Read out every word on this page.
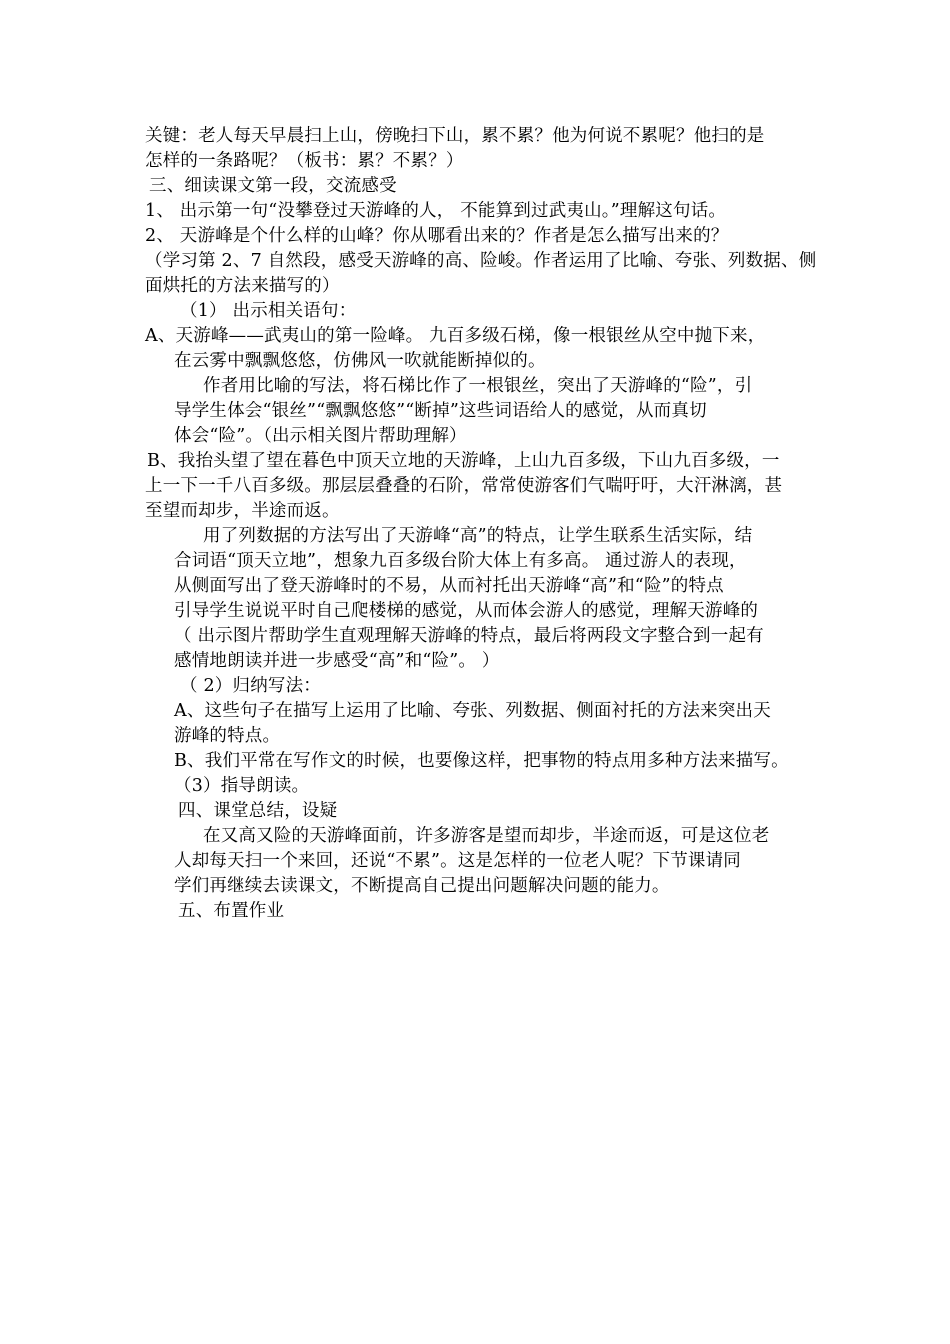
关键：老人每天早晨扫上山，傍晚扫下山，累不累？他为何说不累呢？他扫的是
怎样的一条路呢？（板书：累？不累？）
三、细读课文第一段，交流感受
1、 出示第一句“没攀登过天游峰的人， 不能算到过武夷山。”理解这句话。
2、 天游峰是个什么样的山峰？你从哪看出来的？作者是怎么描写出来的？
（学习第 2、7 自然段，感受天游峰的高、险峻。作者运用了比喻、夸张、列数据、侧
面烘托的方法来描写的）
（1） 出示相关语句：
A、天游峰——武夷山的第一险峰。 九百多级石梯，像一根银丝从空中抛下来，
在云雾中飘飘悠悠，仿佛风一吹就能断掉似的。
作者用比喻的写法，将石梯比作了一根银丝，突出了天游峰的“险”，引
导学生体会“银丝”“飘飘悠悠”“断掉”这些词语给人的感觉，从而真切
体会“险”。（出示相关图片帮助理解）
B、我抬头望了望在暮色中顶天立地的天游峰，上山九百多级，下山九百多级，一
上一下一千八百多级。那层层叠叠的石阶，常常使游客们气喘吁吁，大汗淋漓，甚
至望而却步，半途而返。
用了列数据的方法写出了天游峰“高”的特点，让学生联系生活实际，结
合词语“顶天立地”，想象九百多级台阶大体上有多高。 通过游人的表现，
从侧面写出了登天游峰时的不易，从而衬托出天游峰“高”和“险”的特点
引导学生说说平时自己爬楼梯的感觉，从而体会游人的感觉，理解天游峰的
（ 出示图片帮助学生直观理解天游峰的特点，最后将两段文字整合到一起有
感情地朗读并进一步感受“高”和“险”。 ）
（ 2）归纳写法：
A、这些句子在描写上运用了比喻、夸张、列数据、侧面衬托的方法来突出天
游峰的特点。
B、我们平常在写作文的时候，也要像这样，把事物的特点用多种方法来描写。
（3）指导朗读。
四、课堂总结，设疑
在又高又险的天游峰面前，许多游客是望而却步，半途而返，可是这位老
人却每天扫一个来回，还说“不累”。这是怎样的一位老人呢？下节课请同
学们再继续去读课文，不断提高自己提出问题解决问题的能力。
五、布置作业
